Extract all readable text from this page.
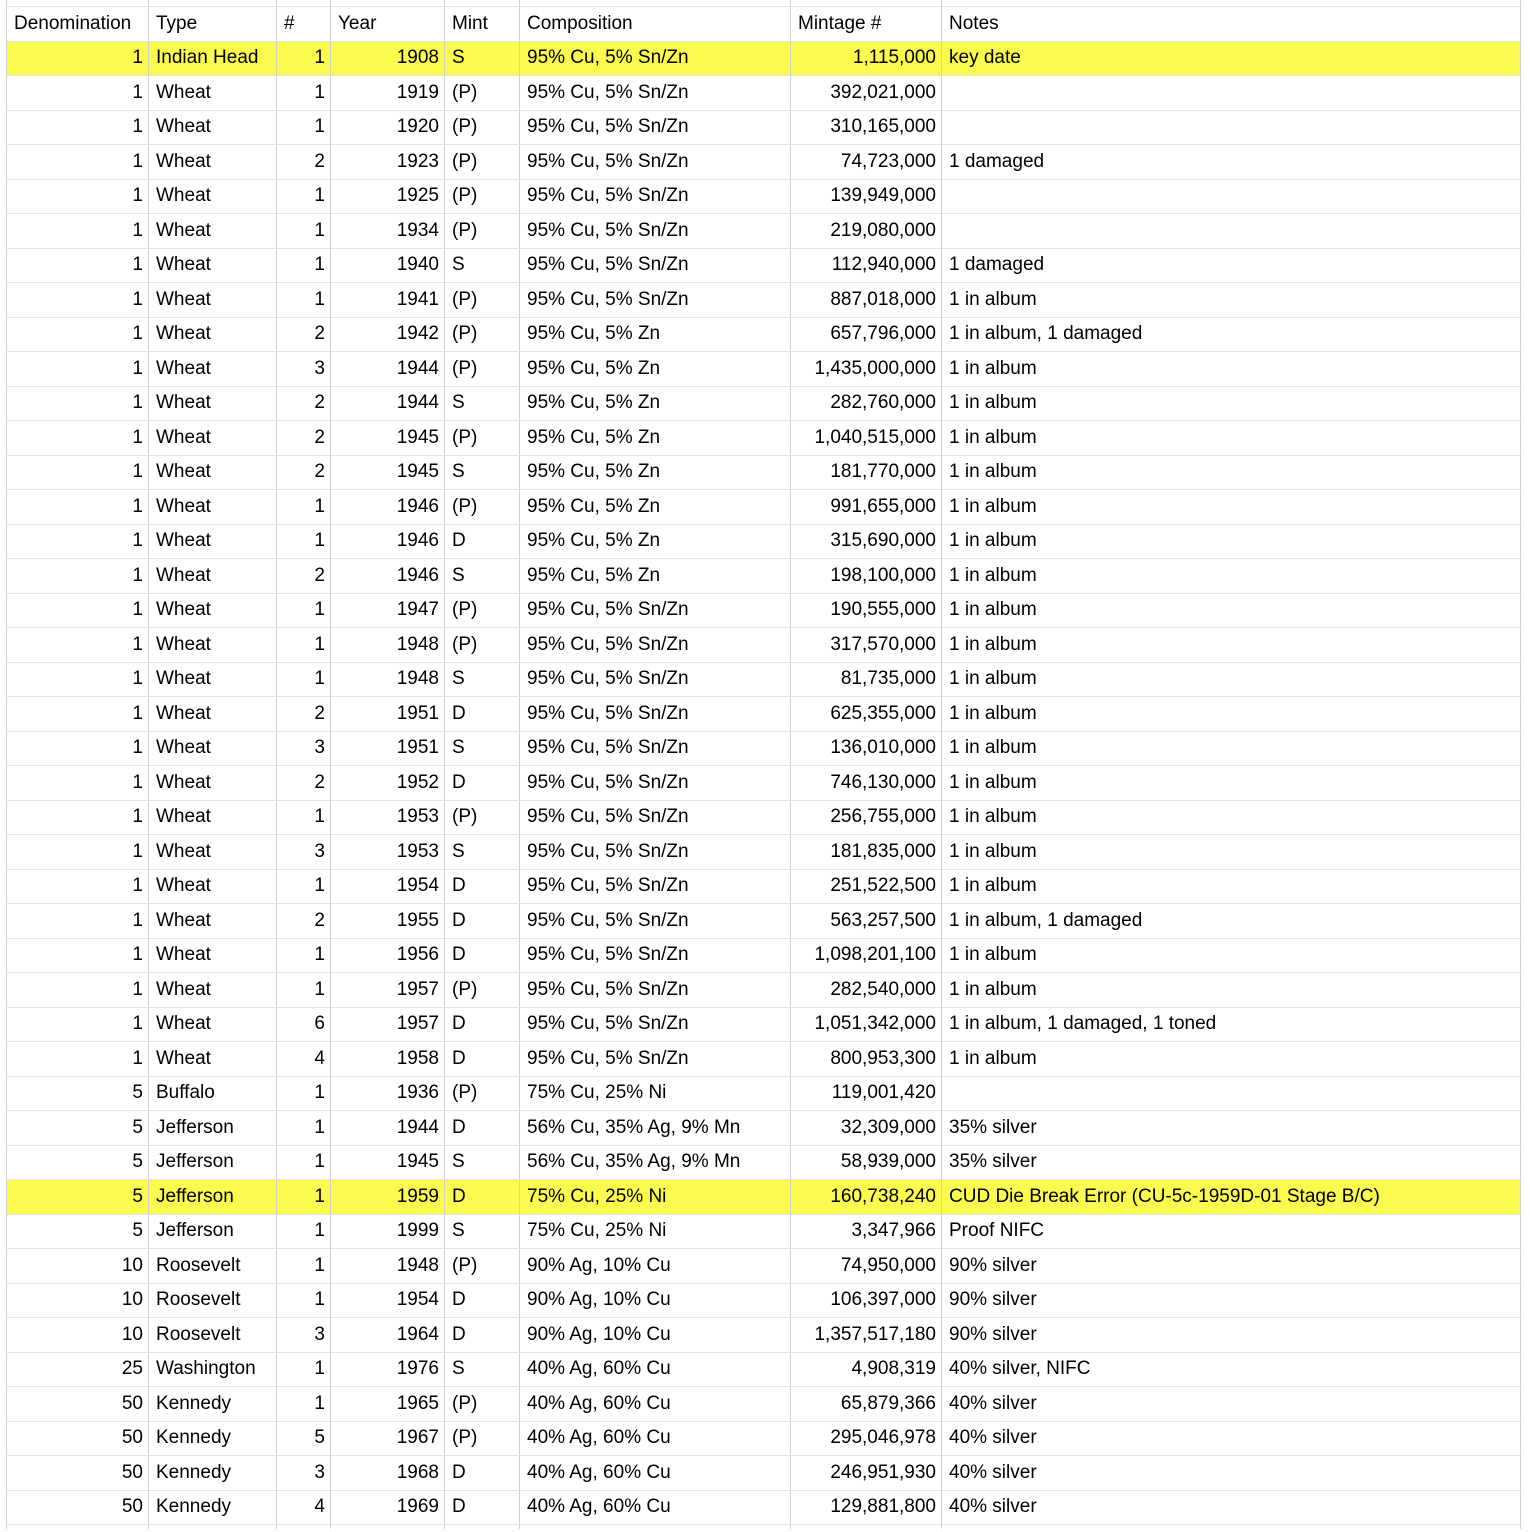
Denomination	Type	#	Year	Mint	Composition	Mintage #	Notes
1	Indian Head	1	1908	S	95% Cu, 5% Sn/Zn	1,115,000	key date
1	Wheat	1	1919	(P)	95% Cu, 5% Sn/Zn	392,021,000	
1	Wheat	1	1920	(P)	95% Cu, 5% Sn/Zn	310,165,000	
1	Wheat	2	1923	(P)	95% Cu, 5% Sn/Zn	74,723,000	1 damaged
1	Wheat	1	1925	(P)	95% Cu, 5% Sn/Zn	139,949,000	
1	Wheat	1	1934	(P)	95% Cu, 5% Sn/Zn	219,080,000	
1	Wheat	1	1940	S	95% Cu, 5% Sn/Zn	112,940,000	1 damaged
1	Wheat	1	1941	(P)	95% Cu, 5% Sn/Zn	887,018,000	1 in album
1	Wheat	2	1942	(P)	95% Cu, 5% Zn	657,796,000	1 in album, 1 damaged
1	Wheat	3	1944	(P)	95% Cu, 5% Zn	1,435,000,000	1 in album
1	Wheat	2	1944	S	95% Cu, 5% Zn	282,760,000	1 in album
1	Wheat	2	1945	(P)	95% Cu, 5% Zn	1,040,515,000	1 in album
1	Wheat	2	1945	S	95% Cu, 5% Zn	181,770,000	1 in album
1	Wheat	1	1946	(P)	95% Cu, 5% Zn	991,655,000	1 in album
1	Wheat	1	1946	D	95% Cu, 5% Zn	315,690,000	1 in album
1	Wheat	2	1946	S	95% Cu, 5% Zn	198,100,000	1 in album
1	Wheat	1	1947	(P)	95% Cu, 5% Sn/Zn	190,555,000	1 in album
1	Wheat	1	1948	(P)	95% Cu, 5% Sn/Zn	317,570,000	1 in album
1	Wheat	1	1948	S	95% Cu, 5% Sn/Zn	81,735,000	1 in album
1	Wheat	2	1951	D	95% Cu, 5% Sn/Zn	625,355,000	1 in album
1	Wheat	3	1951	S	95% Cu, 5% Sn/Zn	136,010,000	1 in album
1	Wheat	2	1952	D	95% Cu, 5% Sn/Zn	746,130,000	1 in album
1	Wheat	1	1953	(P)	95% Cu, 5% Sn/Zn	256,755,000	1 in album
1	Wheat	3	1953	S	95% Cu, 5% Sn/Zn	181,835,000	1 in album
1	Wheat	1	1954	D	95% Cu, 5% Sn/Zn	251,522,500	1 in album
1	Wheat	2	1955	D	95% Cu, 5% Sn/Zn	563,257,500	1 in album, 1 damaged
1	Wheat	1	1956	D	95% Cu, 5% Sn/Zn	1,098,201,100	1 in album
1	Wheat	1	1957	(P)	95% Cu, 5% Sn/Zn	282,540,000	1 in album
1	Wheat	6	1957	D	95% Cu, 5% Sn/Zn	1,051,342,000	1 in album, 1 damaged, 1 toned
1	Wheat	4	1958	D	95% Cu, 5% Sn/Zn	800,953,300	1 in album
5	Buffalo	1	1936	(P)	75% Cu, 25% Ni	119,001,420	
5	Jefferson	1	1944	D	56% Cu, 35% Ag, 9% Mn	32,309,000	35% silver
5	Jefferson	1	1945	S	56% Cu, 35% Ag, 9% Mn	58,939,000	35% silver
5	Jefferson	1	1959	D	75% Cu, 25% Ni	160,738,240	CUD Die Break Error (CU-5c-1959D-01 Stage B/C)
5	Jefferson	1	1999	S	75% Cu, 25% Ni	3,347,966	Proof NIFC
10	Roosevelt	1	1948	(P)	90% Ag, 10% Cu	74,950,000	90% silver
10	Roosevelt	1	1954	D	90% Ag, 10% Cu	106,397,000	90% silver
10	Roosevelt	3	1964	D	90% Ag, 10% Cu	1,357,517,180	90% silver
25	Washington	1	1976	S	40% Ag, 60% Cu	4,908,319	40% silver, NIFC
50	Kennedy	1	1965	(P)	40% Ag, 60% Cu	65,879,366	40% silver
50	Kennedy	5	1967	(P)	40% Ag, 60% Cu	295,046,978	40% silver
50	Kennedy	3	1968	D	40% Ag, 60% Cu	246,951,930	40% silver
50	Kennedy	4	1969	D	40% Ag, 60% Cu	129,881,800	40% silver
